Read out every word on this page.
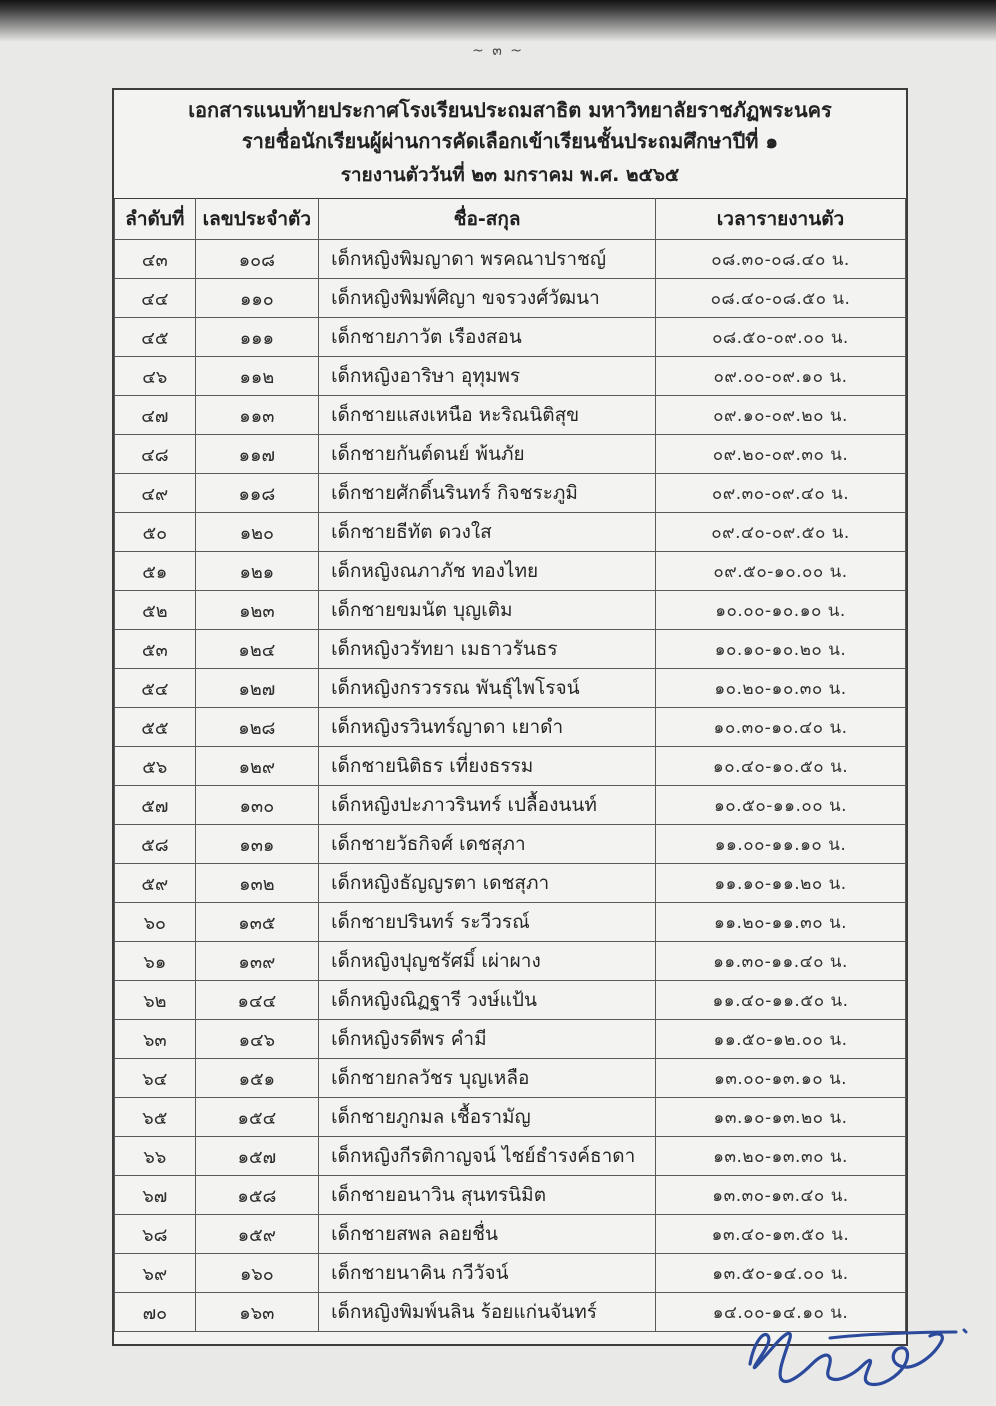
~ ๓ ~
เอกสารแนบท้ายประกาศโรงเรียนประถมสาธิต มหาวิทยาลัยราชภัฏพระนคร
รายชื่อนักเรียนผู้ผ่านการคัดเลือกเข้าเรียนชั้นประถมศึกษาปีที่ ๑
รายงานตัววันที่ ๒๓ มกราคม พ.ศ. ๒๕๖๕
ลำดับที่	เลขประจำตัว	ชื่อ-สกุล	เวลารายงานตัว
๔๓	๑๐๘	เด็กหญิงพิมญาดา พรคณาปราชญ์	๐๘.๓๐-๐๘.๔๐ น.
๔๔	๑๑๐	เด็กหญิงพิมพ์ศิญา ขจรวงศ์วัฒนา	๐๘.๔๐-๐๘.๕๐ น.
๔๕	๑๑๑	เด็กชายภาวัต เรืองสอน	๐๘.๕๐-๐๙.๐๐ น.
๔๖	๑๑๒	เด็กหญิงอาริษา อุทุมพร	๐๙.๐๐-๐๙.๑๐ น.
๔๗	๑๑๓	เด็กชายแสงเหนือ หะริณนิติสุข	๐๙.๑๐-๐๙.๒๐ น.
๔๘	๑๑๗	เด็กชายกันต์ดนย์ พ้นภัย	๐๙.๒๐-๐๙.๓๐ น.
๔๙	๑๑๘	เด็กชายศักดิ์นรินทร์ กิจชระภูมิ	๐๙.๓๐-๐๙.๔๐ น.
๕๐	๑๒๐	เด็กชายธีทัต ดวงใส	๐๙.๔๐-๐๙.๕๐ น.
๕๑	๑๒๑	เด็กหญิงณภาภัช ทองไทย	๐๙.๕๐-๑๐.๐๐ น.
๕๒	๑๒๓	เด็กชายขมนัต บุญเติม	๑๐.๐๐-๑๐.๑๐ น.
๕๓	๑๒๔	เด็กหญิงวรัทยา เมธาวรันธร	๑๐.๑๐-๑๐.๒๐ น.
๕๔	๑๒๗	เด็กหญิงกรวรรณ พันธุ์ไพโรจน์	๑๐.๒๐-๑๐.๓๐ น.
๕๕	๑๒๘	เด็กหญิงรวินทร์ญาดา เยาดำ	๑๐.๓๐-๑๐.๔๐ น.
๕๖	๑๒๙	เด็กชายนิติธร เที่ยงธรรม	๑๐.๔๐-๑๐.๕๐ น.
๕๗	๑๓๐	เด็กหญิงปะภาวรินทร์ เปลื้องนนท์	๑๐.๕๐-๑๑.๐๐ น.
๕๘	๑๓๑	เด็กชายวัธกิจศ์ เดชสุภา	๑๑.๐๐-๑๑.๑๐ น.
๕๙	๑๓๒	เด็กหญิงธัญญรตา เดชสุภา	๑๑.๑๐-๑๑.๒๐ น.
๖๐	๑๓๕	เด็กชายปรินทร์ ระวีวรณ์	๑๑.๒๐-๑๑.๓๐ น.
๖๑	๑๓๙	เด็กหญิงปุญชรัศมิ์ เผ่าผาง	๑๑.๓๐-๑๑.๔๐ น.
๖๒	๑๔๔	เด็กหญิงณิฏฐารี วงษ์แป้น	๑๑.๔๐-๑๑.๕๐ น.
๖๓	๑๔๖	เด็กหญิงรดีพร คำมี	๑๑.๕๐-๑๒.๐๐ น.
๖๔	๑๕๑	เด็กชายกลวัชร บุญเหลือ	๑๓.๐๐-๑๓.๑๐ น.
๖๕	๑๕๔	เด็กชายภูกมล เชื้อรามัญ	๑๓.๑๐-๑๓.๒๐ น.
๖๖	๑๕๗	เด็กหญิงกีรติกาญจน์ ไชย์ธำรงค์ธาดา	๑๓.๒๐-๑๓.๓๐ น.
๖๗	๑๕๘	เด็กชายอนาวิน สุนทรนิมิต	๑๓.๓๐-๑๓.๔๐ น.
๖๘	๑๕๙	เด็กชายสพล ลอยชื่น	๑๓.๔๐-๑๓.๕๐ น.
๖๙	๑๖๐	เด็กชายนาคิน กวีวัจน์	๑๓.๕๐-๑๔.๐๐ น.
๗๐	๑๖๓	เด็กหญิงพิมพ์นลิน ร้อยแก่นจันทร์	๑๔.๐๐-๑๔.๑๐ น.
